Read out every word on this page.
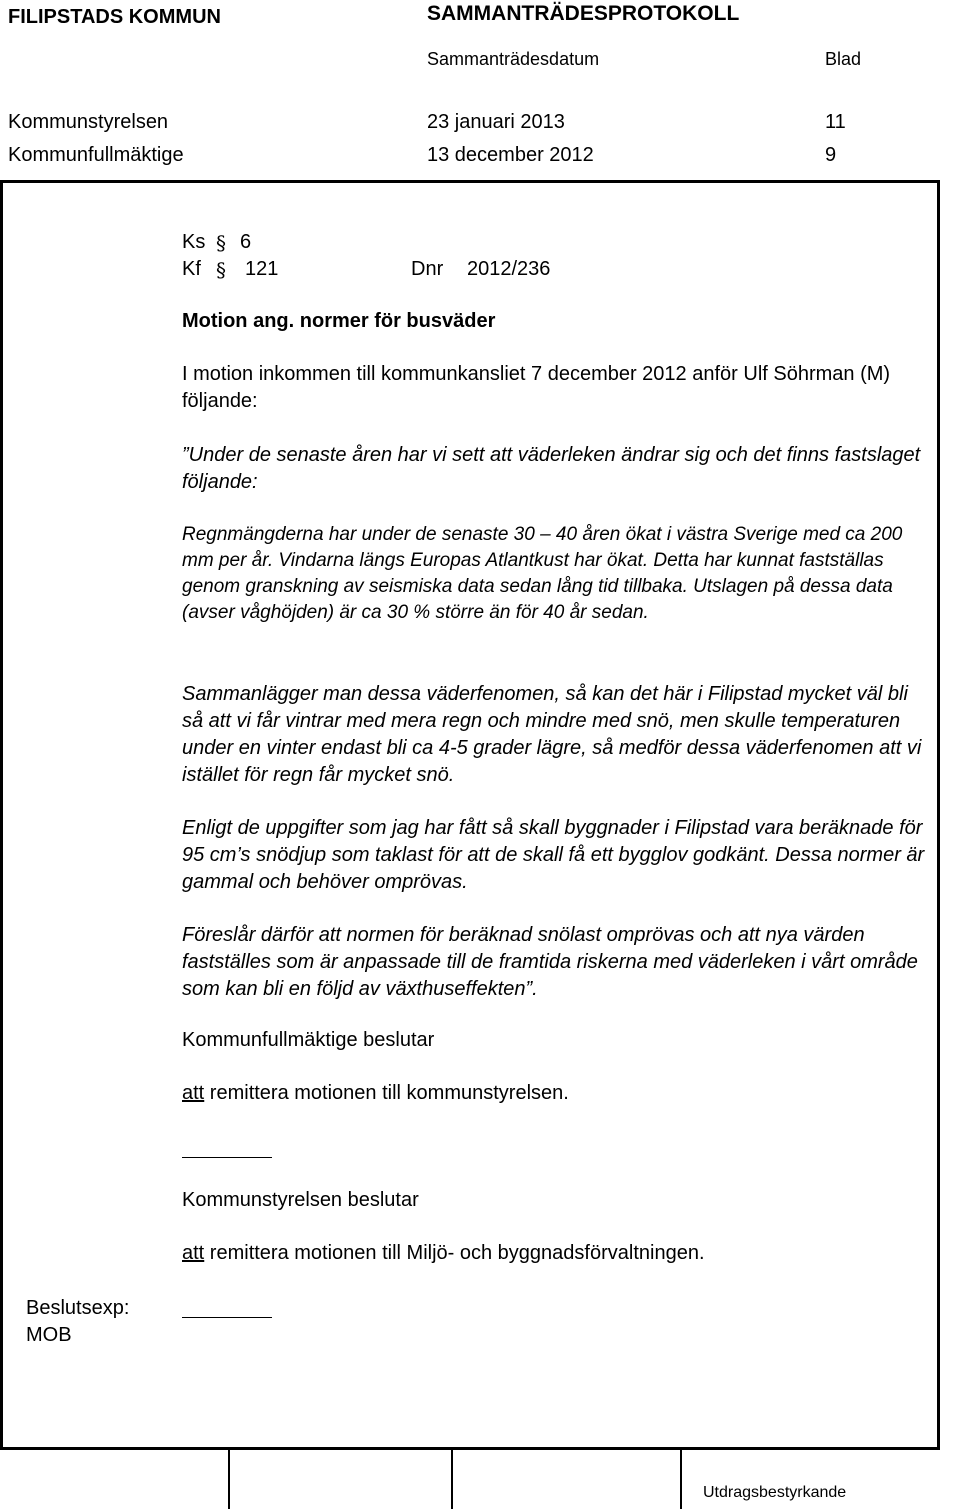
FILIPSTADS KOMMUN	SAMMANTRÄDESPROTOKOLL
Sammanträdesdatum	Blad
Kommunstyrelsen	23 januari 2013	11
Kommunfullmäktige	13 december 2012	9
Ks § 6
Kf § 121	Dnr 2012/236
Motion ang. normer för busväder
I motion inkommen till kommunkansliet 7 december 2012 anför Ulf Söhrman (M) följande:
”Under de senaste åren har vi sett att väderleken ändrar sig och det finns fastslaget följande:
Regnmängderna har under de senaste 30 – 40 åren ökat i västra Sverige med ca 200 mm per år. Vindarna längs Europas Atlantkust har ökat. Detta har kunnat fastställas genom granskning av seismiska data sedan lång tid tillbaka. Utslagen på dessa data (avser våghöjden) är ca 30 % större än för 40 år sedan.
Sammanlägger man dessa väderfenomen, så kan det här i Filipstad mycket väl bli så att vi får vintrar med mera regn och mindre med snö, men skulle temperaturen under en vinter endast bli ca 4-5 grader lägre, så medför dessa väderfenomen att vi istället för regn får mycket snö.
Enligt de uppgifter som jag har fått så skall byggnader i Filipstad vara beräknade för 95 cm’s snödjup som taklast för att de skall få ett bygglov godkänt. Dessa normer är gammal och behöver omprövas.
Föreslår därför att normen för beräknad snölast omprövas och att nya värden fastställes som är anpassade till de framtida riskerna med väderleken i vårt område som kan bli en följd av växthuseffekten”.
Kommunfullmäktige beslutar
att remittera motionen till kommunstyrelsen.
Kommunstyrelsen beslutar
att remittera motionen till Miljö- och byggnadsförvaltningen.
Beslutsexp:
MOB
Utdragsbestyrkande
